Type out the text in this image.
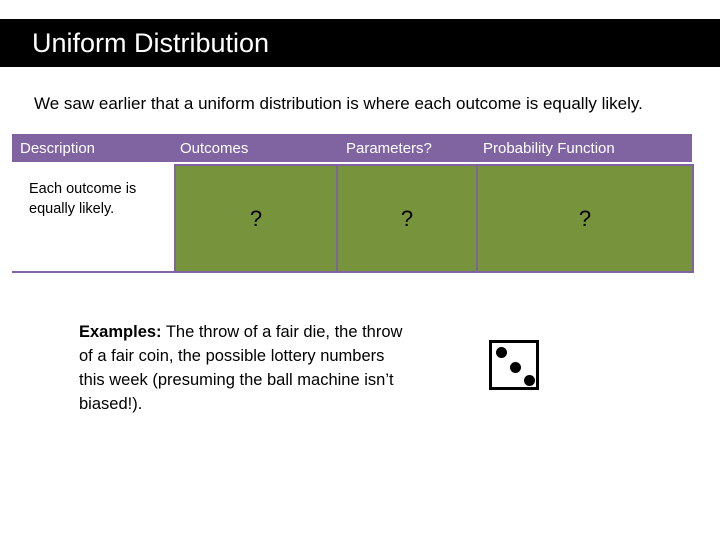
Uniform Distribution
We saw earlier that a uniform distribution is where each outcome is equally likely.
Description	Outcomes	Parameters?	Probability Function
Each outcome is equally likely.	?	?	?
Examples: The throw of a fair die, the throw of a fair coin, the possible lottery numbers this week (presuming the ball machine isn’t biased!).
